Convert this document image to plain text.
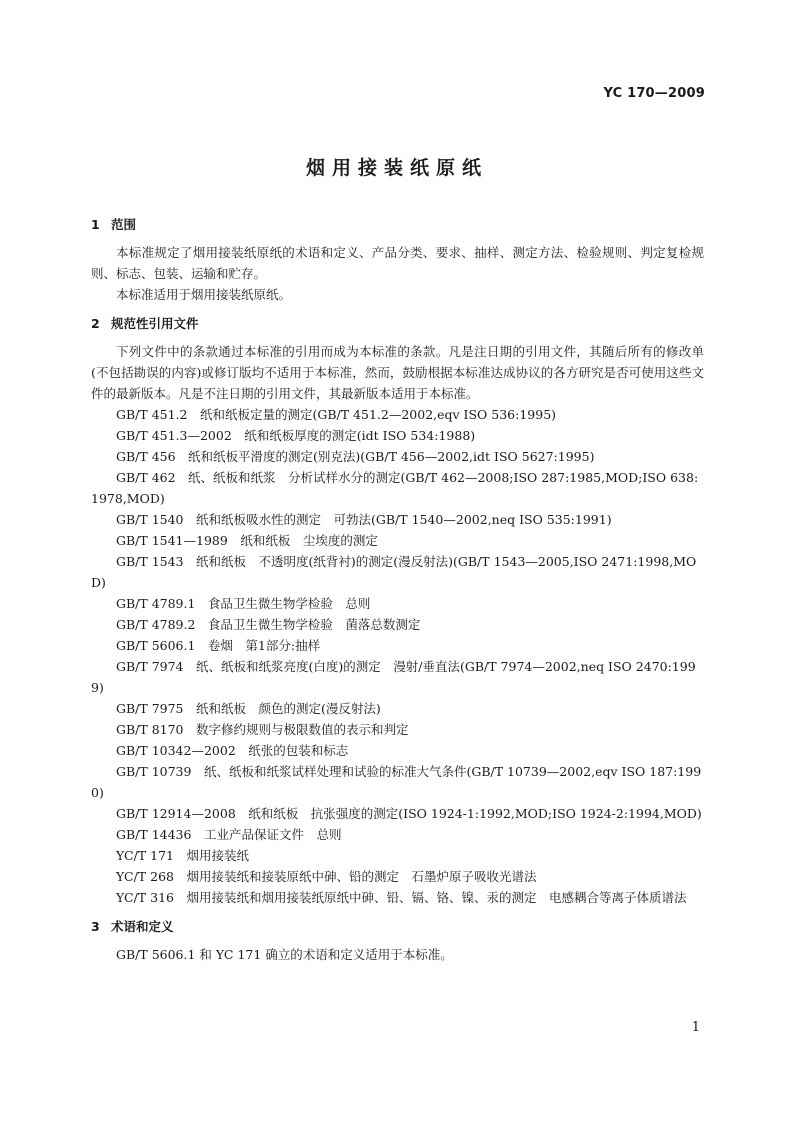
YC 170—2009
烟用接装纸原纸
1 范围

本标准规定了烟用接装纸原纸的术语和定义、产品分类、要求、抽样、测定方法、检验规则、判定复检规则、标志、包装、运输和贮存。

本标准适用于烟用接装纸原纸。

2 规范性引用文件

下列文件中的条款通过本标准的引用而成为本标准的条款。凡是注日期的引用文件，其随后所有的修改单(不包括勘误的内容)或修订版均不适用于本标准，然而，鼓励根据本标准达成协议的各方研究是否可使用这些文件的最新版本。凡是不注日期的引用文件，其最新版本适用于本标准。

GB/T 451.2　纸和纸板定量的测定(GB/T 451.2—2002,eqv ISO 536:1995)

GB/T 451.3—2002　纸和纸板厚度的测定(idt ISO 534:1988)

GB/T 456　纸和纸板平滑度的测定(别克法)(GB/T 456—2002,idt ISO 5627:1995)

GB/T 462　纸、纸板和纸浆　分析试样水分的测定(GB/T 462—2008;ISO 287:1985,MOD;ISO 638:1978,MOD)

GB/T 1540　纸和纸板吸水性的测定　可勃法(GB/T 1540—2002,neq ISO 535:1991)

GB/T 1541—1989　纸和纸板　尘埃度的测定

GB/T 1543　纸和纸板　不透明度(纸背衬)的测定(漫反射法)(GB/T 1543—2005,ISO 2471:1998,MOD)

GB/T 4789.1　食品卫生微生物学检验　总则

GB/T 4789.2　食品卫生微生物学检验　菌落总数测定

GB/T 5606.1　卷烟　第1部分:抽样

GB/T 7974　纸、纸板和纸浆亮度(白度)的测定　漫射/垂直法(GB/T 7974—2002,neq ISO 2470:1999)

GB/T 7975　纸和纸板　颜色的测定(漫反射法)

GB/T 8170　数字修约规则与极限数值的表示和判定

GB/T 10342—2002　纸张的包装和标志

GB/T 10739　纸、纸板和纸浆试样处理和试验的标准大气条件(GB/T 10739—2002,eqv ISO 187:1990)

GB/T 12914—2008　纸和纸板　抗张强度的测定(ISO 1924-1:1992,MOD;ISO 1924-2:1994,MOD)

GB/T 14436　工业产品保证文件　总则

YC/T 171　烟用接装纸

YC/T 268　烟用接装纸和接装原纸中砷、铅的测定　石墨炉原子吸收光谱法

YC/T 316　烟用接装纸和烟用接装纸原纸中砷、铅、镉、铬、镍、汞的测定　电感耦合等离子体质谱法

3 术语和定义

GB/T 5606.1 和 YC 171 确立的术语和定义适用于本标准。

1
